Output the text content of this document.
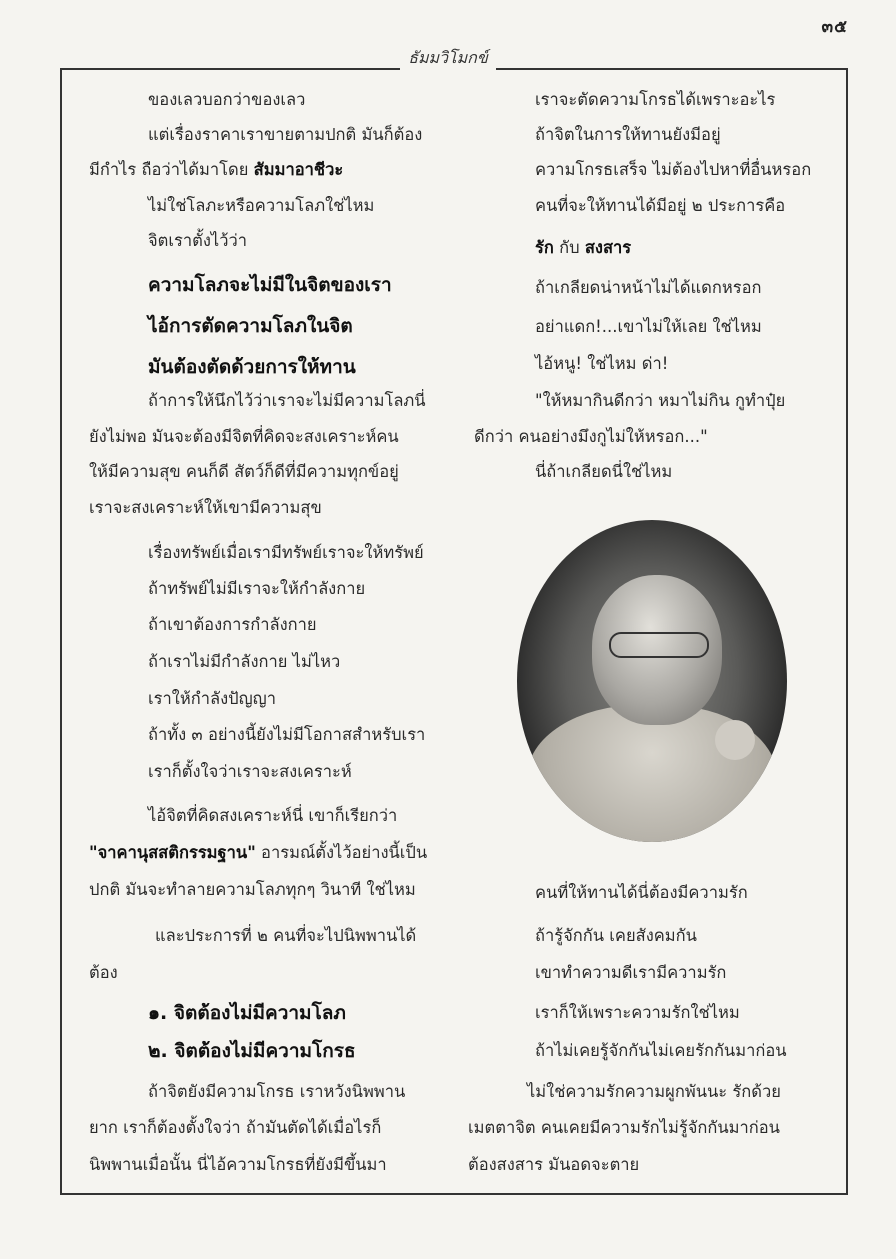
๓๕
ธัมมวิโมกข์
ของเลวบอกว่าของเลว
แต่เรื่องราคาเราขายตามปกติ มันก็ต้อง
มีกำไร ถือว่าได้มาโดย สัมมาอาชีวะ
ไม่ใช่โลภะหรือความโลภใช่ไหม
จิตเราตั้งไว้ว่า
ความโลภจะไม่มีในจิตของเรา
ไอ้การตัดความโลภในจิต
มันต้องตัดด้วยการให้ทาน
ถ้าการให้นึกไว้ว่าเราจะไม่มีความโลภนี่
ยังไม่พอ มันจะต้องมีจิตที่คิดจะสงเคราะห์คน
ให้มีความสุข คนก็ดี สัตว์ก็ดีที่มีความทุกข์อยู่
เราจะสงเคราะห์ให้เขามีความสุข
เรื่องทรัพย์เมื่อเรามีทรัพย์เราจะให้ทรัพย์
ถ้าทรัพย์ไม่มีเราจะให้กำลังกาย
ถ้าเขาต้องการกำลังกาย
ถ้าเราไม่มีกำลังกาย ไม่ไหว
เราให้กำลังปัญญา
ถ้าทั้ง ๓ อย่างนี้ยังไม่มีโอกาสสำหรับเรา
เราก็ตั้งใจว่าเราจะสงเคราะห์
ไอ้จิตที่คิดสงเคราะห์นี่ เขาก็เรียกว่า
"จาคานุสสติกรรมฐาน" อารมณ์ตั้งไว้อย่างนี้เป็น
ปกติ มันจะทำลายความโลภทุกๆ วินาที ใช่ไหม
และประการที่ ๒ คนที่จะไปนิพพานได้
ต้อง
๑. จิตต้องไม่มีความโลภ
๒. จิตต้องไม่มีความโกรธ
ถ้าจิตยังมีความโกรธ เราหวังนิพพาน
ยาก เราก็ต้องตั้งใจว่า ถ้ามันตัดได้เมื่อไรก็
นิพพานเมื่อนั้น นี่ไอ้ความโกรธที่ยังมีขึ้นมา
เราจะตัดความโกรธได้เพราะอะไร
ถ้าจิตในการให้ทานยังมีอยู่
ความโกรธเสร็จ ไม่ต้องไปหาที่อื่นหรอก
คนที่จะให้ทานได้มีอยู่ ๒ ประการคือ
รัก กับ สงสาร
ถ้าเกลียดน่าหน้าไม่ได้แดกหรอก
อย่าแดก!...เขาไม่ให้เลย ใช่ไหม
ไอ้หนู! ใช่ไหม ด่า!
"ให้หมากินดีกว่า หมาไม่กิน กูทำปุ๋ย
ดีกว่า คนอย่างมึงกูไม่ให้หรอก..."
นี่ถ้าเกลียดนี่ใช่ไหม
คนที่ให้ทานได้นี่ต้องมีความรัก
ถ้ารู้จักกัน เคยสังคมกัน
เขาทำความดีเรามีความรัก
เราก็ให้เพราะความรักใช่ไหม
ถ้าไม่เคยรู้จักกันไม่เคยรักกันมาก่อน
ไม่ใช่ความรักความผูกพันนะ รักด้วย
เมตตาจิต คนเคยมีความรักไม่รู้จักกันมาก่อน
ต้องสงสาร มันอดจะตาย
